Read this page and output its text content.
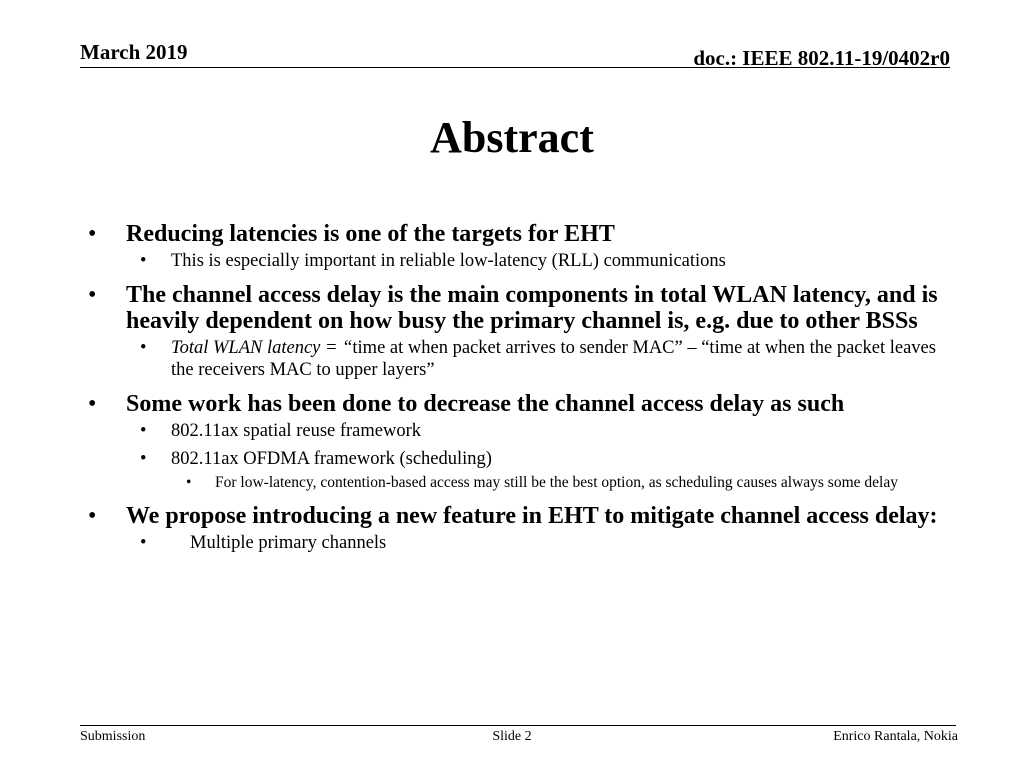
March 2019	doc.: IEEE 802.11-19/0402r0
Abstract
• Reducing latencies is one of the targets for EHT
• This is especially important in reliable low-latency (RLL) communications
• The channel access delay is the main components in total WLAN latency, and is heavily dependent on how busy the primary channel is, e.g. due to other BSSs
• Total WLAN latency = “time at when packet arrives to sender MAC” – “time at when the packet leaves the receivers MAC to upper layers”
• Some work has been done to decrease the channel access delay as such
• 802.11ax spatial reuse framework
• 802.11ax OFDMA framework (scheduling)
• For low-latency, contention-based access may still be the best option, as scheduling causes always some delay
• We propose introducing a new feature in EHT to mitigate channel access delay:
• Multiple primary channels
Submission	Slide 2	Enrico Rantala, Nokia
